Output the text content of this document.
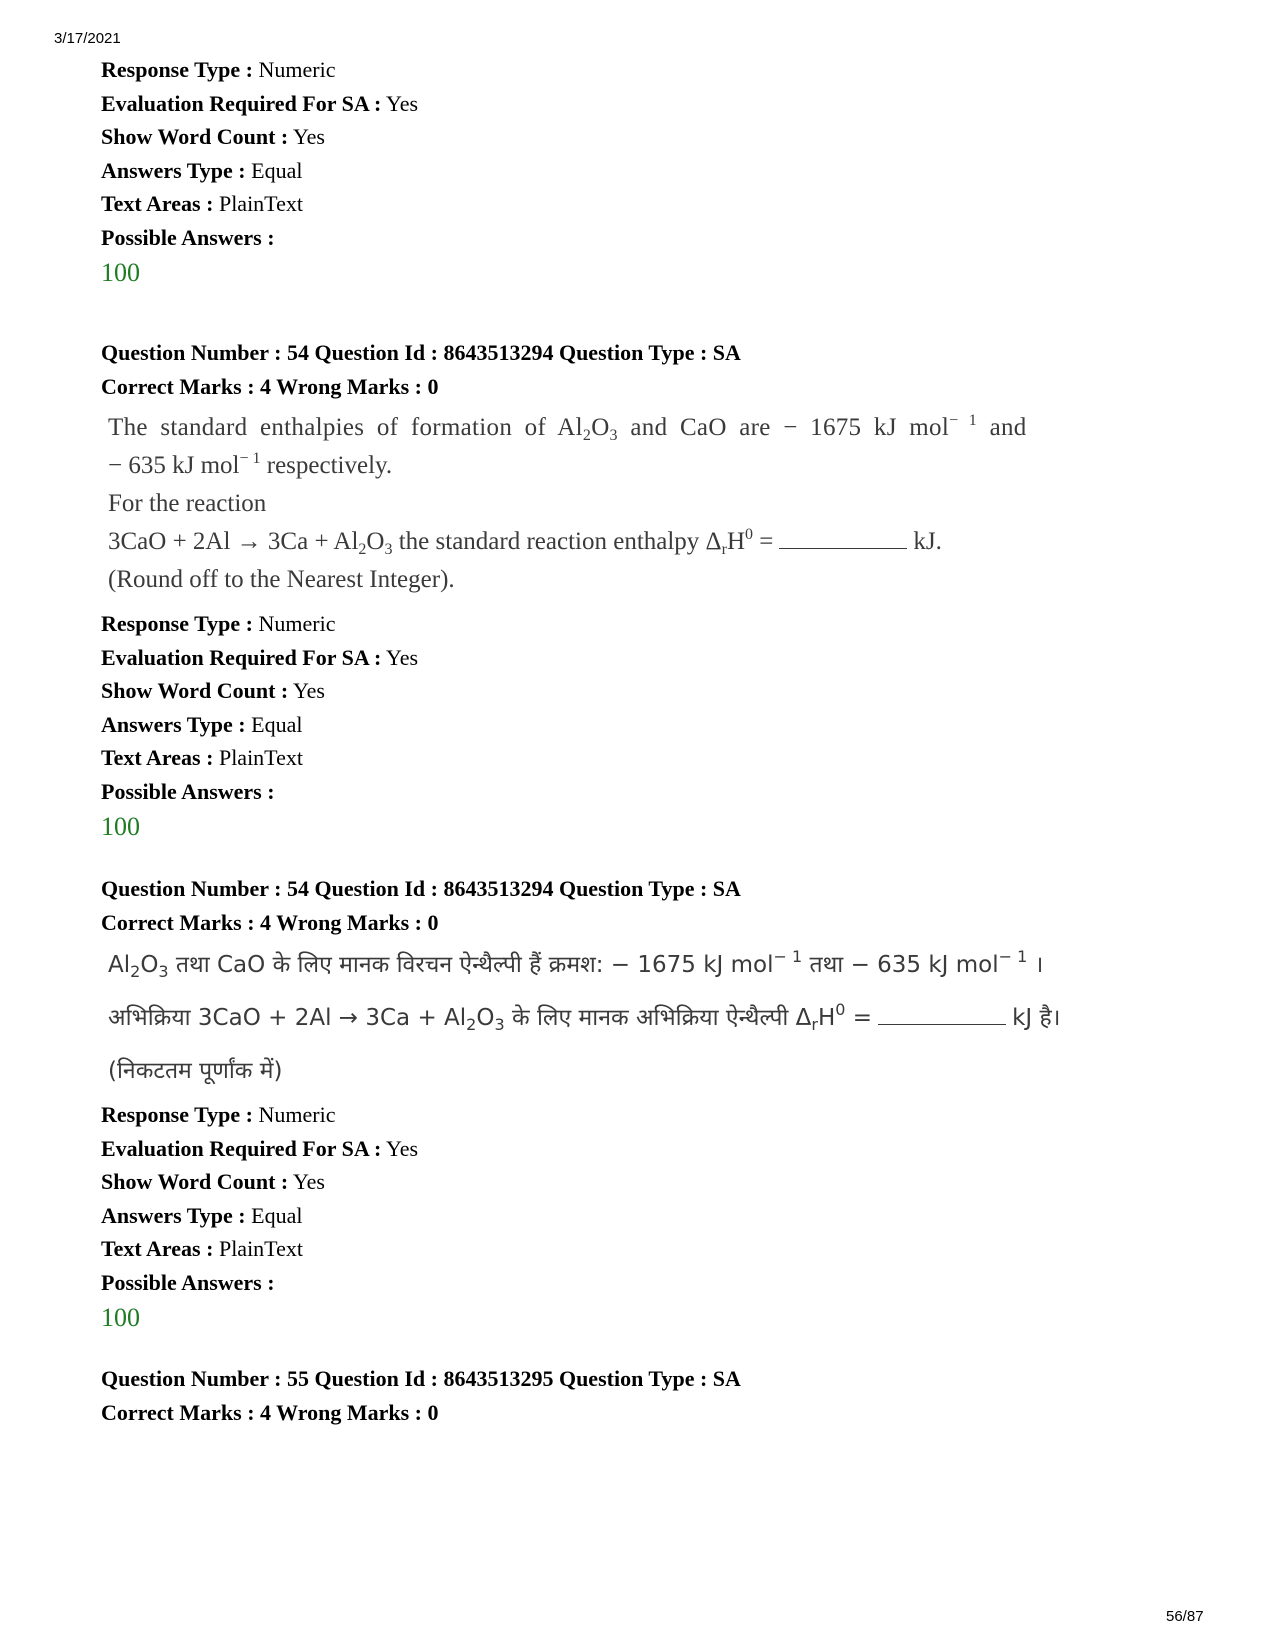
3/17/2021
Response Type : Numeric
Evaluation Required For SA : Yes
Show Word Count : Yes
Answers Type : Equal
Text Areas : PlainText
Possible Answers :
100
Question Number : 54 Question Id : 8643513294 Question Type : SA
Correct Marks : 4 Wrong Marks : 0
The standard enthalpies of formation of $Al_2O_3$ and CaO are − 1675 kJ mol$^{- 1}$ and
− 635 kJ mol$^{- 1}$ respectively.
For the reaction
$3CaO + 2Al \to 3Ca + Al_2O_3$ the standard reaction enthalpy $\Delta_rH^0$ =	kJ.
(Round off to the Nearest Integer).
Response Type : Numeric
Evaluation Required For SA : Yes
Show Word Count : Yes
Answers Type : Equal
Text Areas : PlainText
Possible Answers :
100
Question Number : 54 Question Id : 8643513294 Question Type : SA
Correct Marks : 4 Wrong Marks : 0
$Al_2O_3$ तथा CaO के लिए मानक विरचन ऐन्थैल्पी हैं क्रमश: − 1675 kJ mol$^{- 1}$ तथा − 635 kJ mol$^{- 1}$ ।
अभिक्रिया $3CaO + 2Al \to 3Ca + Al_2O_3$ के लिए मानक अभिक्रिया ऐन्थैल्पी $\Delta_rH^0$ =	kJ है।
(निकटतम पूर्णांक में)
Response Type : Numeric
Evaluation Required For SA : Yes
Show Word Count : Yes
Answers Type : Equal
Text Areas : PlainText
Possible Answers :
100
Question Number : 55 Question Id : 8643513295 Question Type : SA
Correct Marks : 4 Wrong Marks : 0
56/87
